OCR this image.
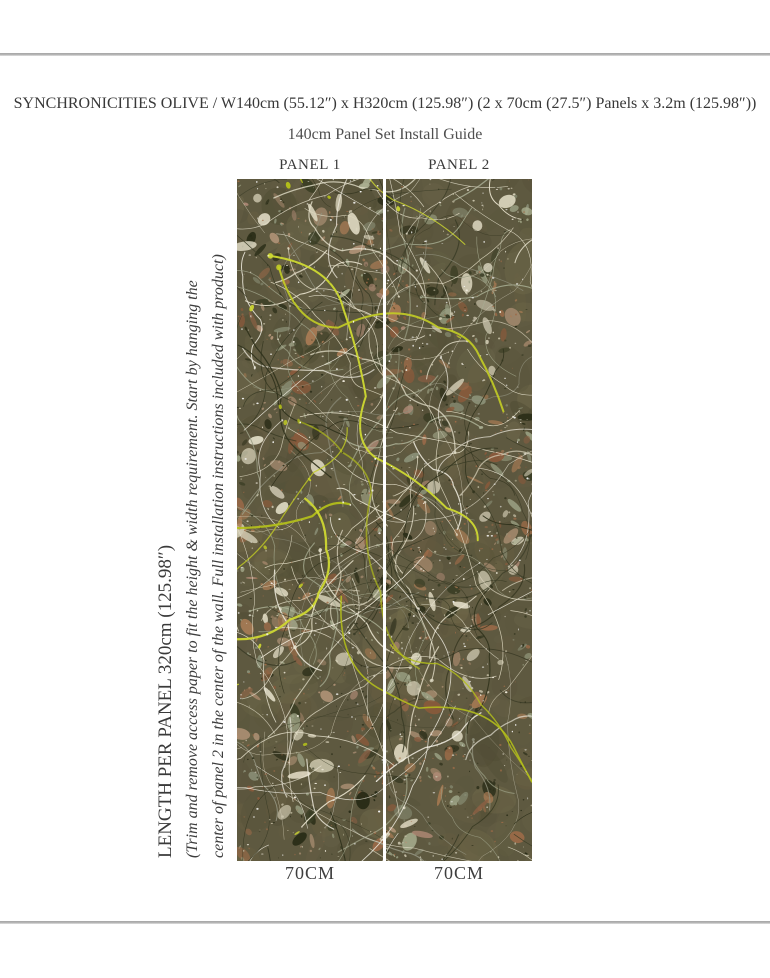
SYNCHRONICITIES OLIVE / W140cm (55.12″) x H320cm (125.98″) (2 x 70cm (27.5″) Panels x 3.2m (125.98″))
140cm Panel Set Install Guide
PANEL 1	PANEL 2
LENGTH PER PANEL 320cm (125.98″) (Trim and remove access paper to fit the height & width requirement. Start by hanging the center of panel 2 in the center of the wall. Full installation instructions included with product)
70CM	70CM
